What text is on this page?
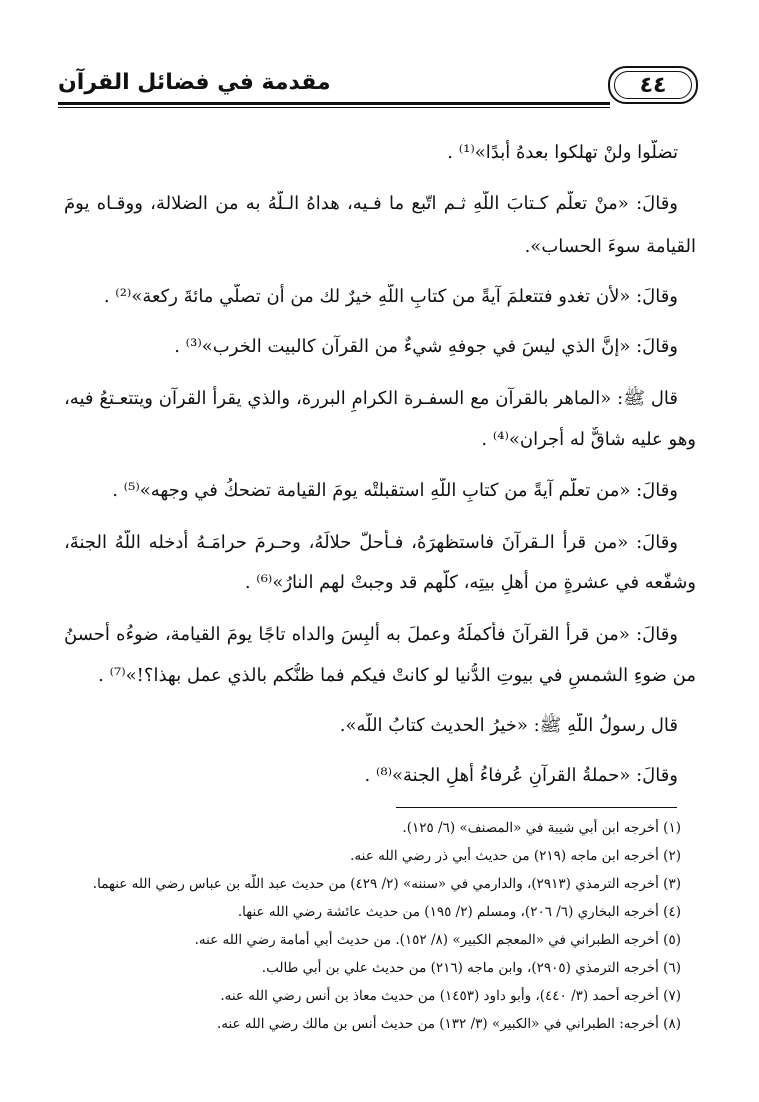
مقدمة في فضائل القرآن	٤٤
تضلُّوا ولنْ تهلكوا بعدهُ أبدًا»⁽¹⁾ .
وقالَ: «منْ تعلّم كـتابَ اللَّهِ ثـم اتّبع ما فـيه، هداهُ الـلَّهُ به من الضلالة، ووقـاه يومَ
القيامة سوءَ الحساب».
وقالَ: «لأن تغدو فتتعلمَ آيةً من كتابِ اللَّهِ خيرٌ لك من أن تصلّي مائةَ ركعة»⁽²⁾ .
وقالَ: «إنَّ الذي ليسَ في جوفهِ شيءٌ من القرآن كالبيت الخرب»⁽³⁾ .
قال ﷺ: «الماهر بالقرآن مع السفـرة الكرامِ البررة، والذي يقرأ القرآن ويتتعـتعُ فيه،
وهو عليه شاقٌّ له أجران»⁽⁴⁾ .
وقالَ: «من تعلّم آيةً من كتابِ اللَّهِ استقبلتْه يومَ القيامة تضحكُ في وجهه»⁽⁵⁾ .
وقالَ: «من قرأ الـقرآنَ فاستظهرَهُ، فـأحلّ حلالَهُ، وحـرمَ حرامَـهُ أدخله اللَّهُ الجنةَ،
وشفّعه في عشرةٍ من أهلِ بيتِه، كلّهم قد وجبتْ لهم النارُ»⁽⁶⁾ .
وقالَ: «من قرأ القرآنَ فأكملَهُ وعملَ به أُلبِسَ والداه تاجًا يومَ القيامة، ضوءُه أحسنُ
من ضوءِ الشمسِ في بيوتِ الدُّنيا لو كانتْ فيكم فما ظنُّكم بالذي عمل بهذا؟!»⁽⁷⁾ .
قال رسولُ اللَّهِ ﷺ: «خيرُ الحديث كتابُ اللَّه».
وقالَ: «حملةُ القرآنِ عُرفاءُ أهلِ الجنة»⁽⁸⁾ .
(١) أخرجه ابن أبي شيبة في «المصنف» (٦/ ١٢٥).
(٢) أخرجه ابن ماجه (٢١٩) من حديث أبي ذر رضي الله عنه.
(٣) أخرجه الترمذي (٢٩١٣)، والدارمي في «سننه» (٢/ ٤٢٩) من حديث عبد اللَّه بن عباس رضي الله عنهما.
(٤) أخرجه البخاري (٦/ ٢٠٦)، ومسلم (٢/ ١٩٥) من حديث عائشة رضي الله عنها.
(٥) أخرجه الطبراني في «المعجم الكبير» (٨/ ١٥٢). من حديث أبي أمامة رضي الله عنه.
(٦) أخرجه الترمذي (٢٩٠٥)، وابن ماجه (٢١٦) من حديث علي بن أبي طالب.
(٧) أخرجه أحمد (٣/ ٤٤٠)، وأبو داود (١٤٥٣) من حديث معاذ بن أنس رضي الله عنه.
(٨) أخرجه: الطبراني في «الكبير» (٣/ ١٣٢) من حديث أنس بن مالك رضي الله عنه.
